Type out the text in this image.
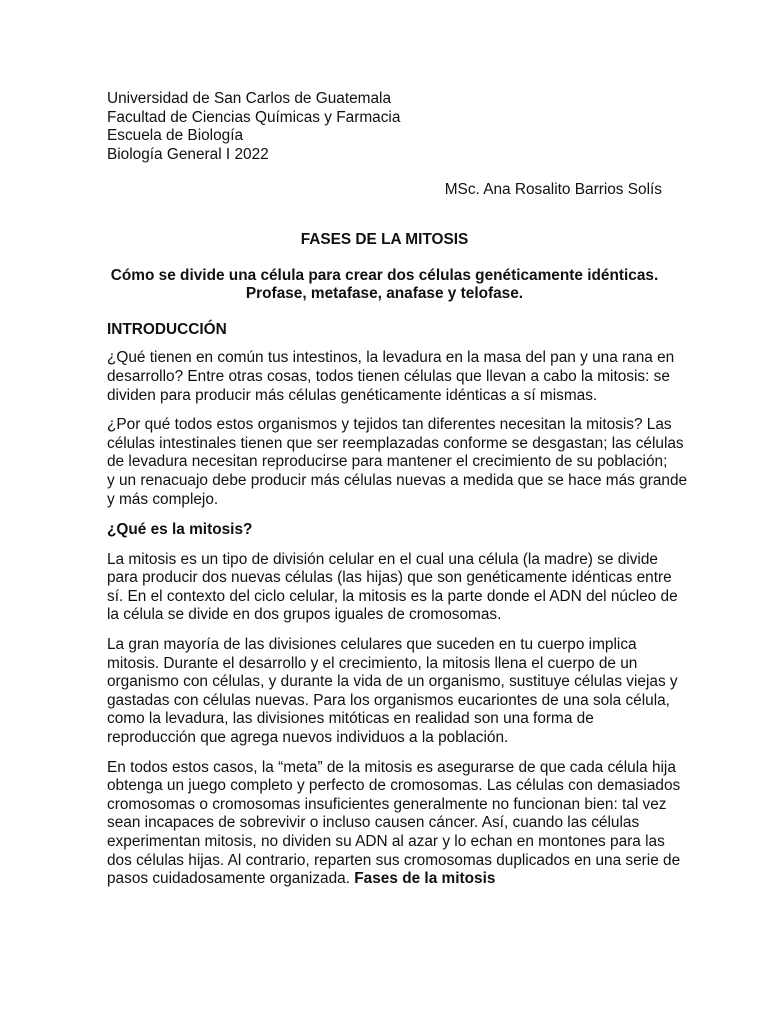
Universidad de San Carlos de Guatemala

Facultad de Ciencias Químicas y Farmacia

Escuela de Biología

Biología General I 2022

MSc. Ana Rosalito Barrios Solís

FASES DE LA MITOSIS

Cómo se divide una célula para crear dos células genéticamente idénticas.
Profase, metafase, anafase y telofase.

INTRODUCCIÓN

¿Qué tienen en común tus intestinos, la levadura en la masa del pan y una rana en
desarrollo? Entre otras cosas, todos tienen células que llevan a cabo la mitosis: se
dividen para producir más células genéticamente idénticas a sí mismas.

¿Por qué todos estos organismos y tejidos tan diferentes necesitan la mitosis? Las
células intestinales tienen que ser reemplazadas conforme se desgastan; las células
de levadura necesitan reproducirse para mantener el crecimiento de su población;
y un renacuajo debe producir más células nuevas a medida que se hace más grande
y más complejo.

¿Qué es la mitosis?

La mitosis es un tipo de división celular en el cual una célula (la madre) se divide
para producir dos nuevas células (las hijas) que son genéticamente idénticas entre
sí. En el contexto del ciclo celular, la mitosis es la parte donde el ADN del núcleo de
la célula se divide en dos grupos iguales de cromosomas.

La gran mayoría de las divisiones celulares que suceden en tu cuerpo implica
mitosis. Durante el desarrollo y el crecimiento, la mitosis llena el cuerpo de un
organismo con células, y durante la vida de un organismo, sustituye células viejas y
gastadas con células nuevas. Para los organismos eucariontes de una sola célula,
como la levadura, las divisiones mitóticas en realidad son una forma de
reproducción que agrega nuevos individuos a la población.

En todos estos casos, la “meta” de la mitosis es asegurarse de que cada célula hija
obtenga un juego completo y perfecto de cromosomas. Las células con demasiados
cromosomas o cromosomas insuficientes generalmente no funcionan bien: tal vez
sean incapaces de sobrevivir o incluso causen cáncer. Así, cuando las células
experimentan mitosis, no dividen su ADN al azar y lo echan en montones para las
dos células hijas. Al contrario, reparten sus cromosomas duplicados en una serie de
pasos cuidadosamente organizada. Fases de la mitosis
